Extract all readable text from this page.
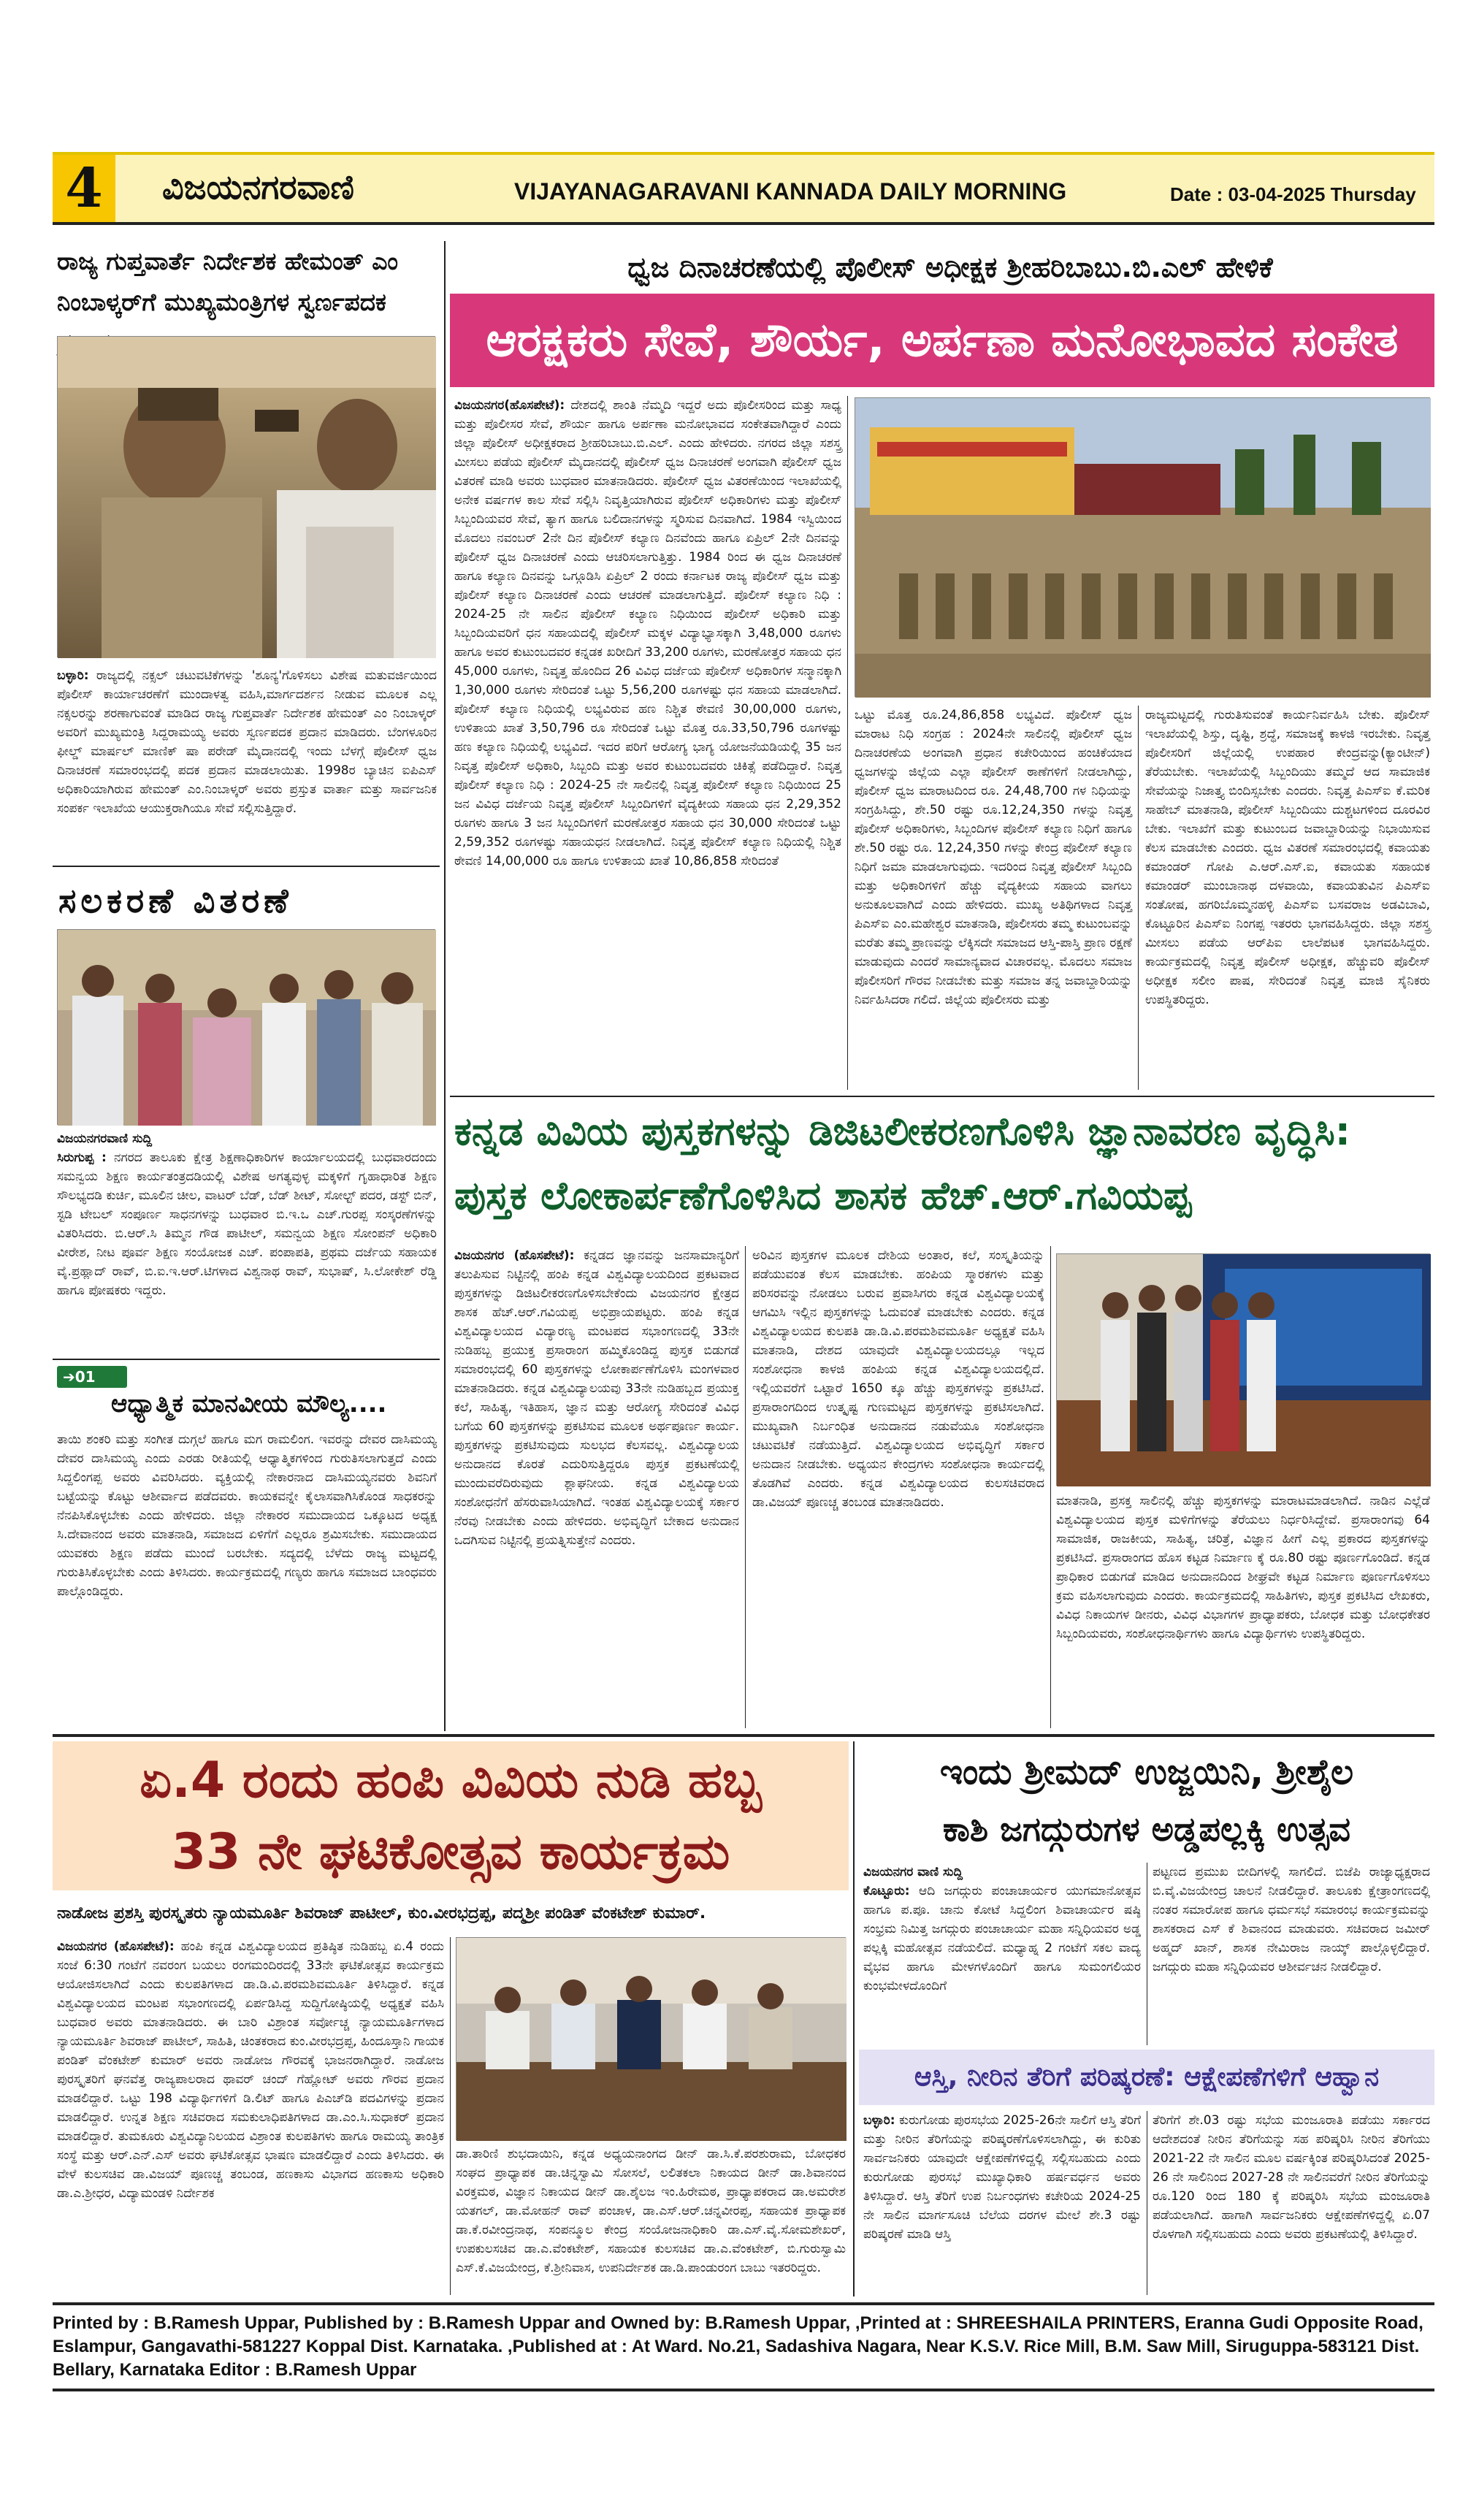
4	ವಿಜಯನಗರವಾಣಿ	VIJAYANAGARAVANI KANNADA DAILY MORNING	Date : 03-04-2025 Thursday
ರಾಜ್ಯ ಗುಪ್ತವಾರ್ತೆ ನಿರ್ದೇಶಕ ಹೇಮಂತ್ ಎಂ ನಿಂಬಾಳ್ಕರ್‌ಗೆ ಮುಖ್ಯಮಂತ್ರಿಗಳ ಸ್ವರ್ಣಪದಕ
ಬಳ್ಳಾರಿ: ರಾಜ್ಯದಲ್ಲಿ ನಕ್ಸಲ್ ಚಟುವಟಿಕೆಗಳನ್ನು 'ಶೂನ್ಯ'ಗೊಳಿಸಲು ವಿಶೇಷ ಮತುವರ್ಜಿಯಿಂದ ಪೊಲೀಸ್ ಕಾರ್ಯಾಚರಣೆಗೆ ಮುಂದಾಳತ್ವ ವಹಿಸಿ,ಮಾರ್ಗದರ್ಶನ ನೀಡುವ ಮೂಲಕ ಎಲ್ಲ ನಕ್ಸಲರನ್ನು ಶರಣಾಗುವಂತೆ ಮಾಡಿದ ರಾಜ್ಯ ಗುಪ್ತವಾರ್ತೆ ನಿರ್ದೇಶಕ ಹೇಮಂತ್ ಎಂ ನಿಂಬಾಳ್ಕರ್ ಅವರಿಗೆ ಮುಖ್ಯಮಂತ್ರಿ ಸಿದ್ದರಾಮಯ್ಯ ಅವರು ಸ್ವರ್ಣಪದಕ ಪ್ರದಾನ ಮಾಡಿದರು. ಬೆಂಗಳೂರಿನ ಫೀಲ್ಡ್ ಮಾರ್ಷಲ್ ಮಾಣಿಕ್ ಷಾ ಪರೇಡ್ ಮೈದಾನದಲ್ಲಿ ಇಂದು ಬೆಳಗ್ಗೆ ಪೊಲೀಸ್ ಧ್ವಜ ದಿನಾಚರಣೆ ಸಮಾರಂಭದಲ್ಲಿ ಪದಕ ಪ್ರದಾನ ಮಾಡಲಾಯಿತು. 1998ರ ಬ್ಯಾಚಿನ ಐಪಿಎಸ್ ಅಧಿಕಾರಿಯಾಗಿರುವ ಹೇಮಂತ್ ಎಂ.ನಿಂಬಾಳ್ಕರ್ ಅವರು ಪ್ರಸ್ತುತ ವಾರ್ತಾ ಮತ್ತು ಸಾರ್ವಜನಿಕ ಸಂಪರ್ಕ ಇಲಾಖೆಯ ಆಯುಕ್ತರಾಗಿಯೂ ಸೇವೆ ಸಲ್ಲಿಸುತ್ತಿದ್ದಾರೆ.
ಸಲಕರಣೆ ವಿತರಣೆ
ವಿಜಯನಗರವಾಣಿ ಸುದ್ದಿ
ಸಿರುಗುಪ್ಪ : ನಗರದ ತಾಲೂಕು ಕ್ಷೇತ್ರ ಶಿಕ್ಷಣಾಧಿಕಾರಿಗಳ ಕಾರ್ಯಾಲಯದಲ್ಲಿ ಬುಧವಾರದಂದು ಸಮನ್ವಯ ಶಿಕ್ಷಣ ಕಾರ್ಯತಂತ್ರದಡಿಯಲ್ಲಿ ವಿಶೇಷ ಅಗತ್ಯವುಳ್ಳ ಮಕ್ಕಳಿಗೆ ಗೃಹಾಧಾರಿತ ಶಿಕ್ಷಣ ಸೌಲಭ್ಯದಡಿ ಕುರ್ಚಿ, ಮೂಲಿನ ಚೀಲ, ವಾಟರ್ ಬೆಡ್, ಬೆಡ್ ಶೀಟ್, ಸೋಲ್ಟ್ ಪದರ, ಡಸ್ಟ್ ಬಿನ್, ಸ್ಟಡಿ ಟೇಬಲ್ ಸಂಪೂರ್ಣ ಸಾಧನಗಳನ್ನು ಬುಧವಾರ ಬಿ.ಇ.ಒ ಎಚ್.ಗುರಪ್ಪ ಸಂಸ್ಕರಣೆಗಳನ್ನು ವಿತರಿಸಿದರು. ಬಿ.ಆರ್.ಸಿ ತಿಮ್ಮನ ಗೌಡ ಪಾಟೀಲ್, ಸಮನ್ವಯ ಶಿಕ್ಷಣ ಸೋಂಪನ್ ಅಧಿಕಾರಿ ವೀರೇಶ, ನೀಟ ಪೂರ್ವ ಶಿಕ್ಷಣ ಸಂಯೋಜಕ ಎಚ್. ಪಂಪಾಪತಿ, ಪ್ರಥಮ ದರ್ಜೆಯ ಸಹಾಯಕ ವೈ.ಪ್ರಹ್ಲಾದ್ ರಾವ್, ಬಿ.ಐ.ಇ.ಆರ್.ಟಿಗಳಾದ ವಿಶ್ವನಾಥ ರಾವ್, ಸುಭಾಷ್, ಸಿ.ಲೋಕೇಶ್ ರೆಡ್ಡಿ ಹಾಗೂ ಪೋಷಕರು ಇದ್ದರು.
➔01
ಆಧ್ಯಾತ್ಮಿಕ ಮಾನವೀಯ ಮೌಲ್ಯ....
ತಾಯಿ ಶಂಕರಿ ಮತ್ತು ಸಂಗೀತ ದುಗ್ಗಲೆ ಹಾಗೂ ಮಗ ರಾಮಲಿಂಗ. ಇವರನ್ನು ದೇವರ ದಾಸಿಮಯ್ಯ ದೇವರ ದಾಸಿಮಯ್ಯ ಎಂದು ಎರಡು ರೀತಿಯಲ್ಲಿ ಆಧ್ಯಾತ್ಮಿಕಗಳಿಂದ ಗುರುತಿಸಲಾಗುತ್ತದೆ ಎಂದು ಸಿದ್ದಲಿಂಗಪ್ಪ ಅವರು ವಿವರಿಸಿದರು. ವ್ಯಕ್ತಿಯಲ್ಲಿ ನೇಕಾರನಾದ ದಾಸಿಮಯ್ಯನವರು ಶಿವನಿಗೆ ಬಟ್ಟೆಯನ್ನು ಕೊಟ್ಟು ಆಶೀರ್ವಾದ ಪಡೆದವರು. ಕಾಯಕವನ್ನೇ ಕೈಲಾಸವಾಗಿಸಿಕೊಂಡ ಸಾಧಕರನ್ನು ನೆನಪಿಸಿಕೊಳ್ಳಬೇಕು ಎಂದು ಹೇಳಿದರು. ಜಿಲ್ಲಾ ನೇಕಾರರ ಸಮುದಾಯದ ಒಕ್ಕೂಟದ ಅಧ್ಯಕ್ಷ ಸಿ.ದೇವಾನಂದ ಅವರು ಮಾತನಾಡಿ, ಸಮಾಜದ ಏಳಿಗೆಗೆ ಎಲ್ಲರೂ ಶ್ರಮಿಸಬೇಕು. ಸಮುದಾಯದ ಯುವಕರು ಶಿಕ್ಷಣ ಪಡೆದು ಮುಂದೆ ಬರಬೇಕು. ಸದ್ಯದಲ್ಲಿ ಬೆಳೆದು ರಾಜ್ಯ ಮಟ್ಟದಲ್ಲಿ ಗುರುತಿಸಿಕೊಳ್ಳಬೇಕು ಎಂದು ತಿಳಿಸಿದರು. ಕಾರ್ಯಕ್ರಮದಲ್ಲಿ ಗಣ್ಯರು ಹಾಗೂ ಸಮಾಜದ ಬಾಂಧವರು ಪಾಲ್ಗೊಂಡಿದ್ದರು.
ಧ್ವಜ ದಿನಾಚರಣೆಯಲ್ಲಿ ಪೊಲೀಸ್ ಅಧೀಕ್ಷಕ ಶ್ರೀಹರಿಬಾಬು.ಬಿ.ಎಲ್ ಹೇಳಿಕೆ
ಆರಕ್ಷಕರು ಸೇವೆ, ಶೌರ್ಯ, ಅರ್ಪಣಾ ಮನೋಭಾವದ ಸಂಕೇತ
ವಿಜಯನಗರ(ಹೊಸಪೇಟೆ): ದೇಶದಲ್ಲಿ ಶಾಂತಿ ನೆಮ್ಮದಿ ಇದ್ದರೆ ಅದು ಪೊಲೀಸರಿಂದ ಮತ್ತು ಸಾಧ್ಯ ಮತ್ತು ಪೊಲೀಸರ ಸೇವೆ, ಶೌರ್ಯ ಹಾಗೂ ಅರ್ಪಣಾ ಮನೋಭಾವದ ಸಂಕೇತವಾಗಿದ್ದಾರೆ ಎಂದು ಜಿಲ್ಲಾ ಪೊಲೀಸ್ ಅಧೀಕ್ಷಕರಾದ ಶ್ರೀಹರಿಬಾಬು.ಬಿ.ಎಲ್. ಎಂದು ಹೇಳಿದರು. ನಗರದ ಜಿಲ್ಲಾ ಸಶಸ್ತ್ರ ಮೀಸಲು ಪಡೆಯ ಪೊಲೀಸ್ ಮೈದಾನದಲ್ಲಿ ಪೊಲೀಸ್ ಧ್ವಜ ದಿನಾಚರಣೆ ಅಂಗವಾಗಿ ಪೊಲೀಸ್ ಧ್ವಜ ವಿತರಣೆ ಮಾಡಿ ಅವರು ಬುಧವಾರ ಮಾತನಾಡಿದರು. ಪೊಲೀಸ್ ಧ್ವಜ ವಿತರಣೆಯಿಂದ ಇಲಾಖೆಯಲ್ಲಿ ಅನೇಕ ವರ್ಷಗಳ ಕಾಲ ಸೇವೆ ಸಲ್ಲಿಸಿ ನಿವೃತ್ತಿಯಾಗಿರುವ ಪೊಲೀಸ್ ಅಧಿಕಾರಿಗಳು ಮತ್ತು ಪೊಲೀಸ್ ಸಿಬ್ಬಂದಿಯವರ ಸೇವೆ, ತ್ಯಾಗ ಹಾಗೂ ಬಲಿದಾನಗಳನ್ನು ಸ್ಮರಿಸುವ ದಿನವಾಗಿದೆ. 1984 ಇಸ್ವಿಯಿಂದ ಮೊದಲು ನವಂಬರ್ 2ನೇ ದಿನ ಪೊಲೀಸ್ ಕಲ್ಯಾಣ ದಿನವೆಂದು ಹಾಗೂ ಏಪ್ರಿಲ್ 2ನೇ ದಿನವನ್ನು ಪೊಲೀಸ್ ಧ್ವಜ ದಿನಾಚರಣೆ ಎಂದು ಆಚರಿಸಲಾಗುತ್ತಿತ್ತು. 1984 ರಿಂದ ಈ ಧ್ವಜ ದಿನಾಚರಣೆ ಹಾಗೂ ಕಲ್ಯಾಣ ದಿನವನ್ನು ಒಗ್ಗೂಡಿಸಿ ಏಪ್ರಿಲ್ 2 ರಂದು ಕರ್ನಾಟಕ ರಾಜ್ಯ ಪೊಲೀಸ್ ಧ್ವಜ ಮತ್ತು ಪೊಲೀಸ್ ಕಲ್ಯಾಣ ದಿನಾಚರಣೆ ಎಂದು ಆಚರಣೆ ಮಾಡಲಾಗುತ್ತಿದೆ. ಪೊಲೀಸ್ ಕಲ್ಯಾಣ ನಿಧಿ : 2024-25 ನೇ ಸಾಲಿನ ಪೊಲೀಸ್ ಕಲ್ಯಾಣ ನಿಧಿಯಿಂದ ಪೊಲೀಸ್ ಅಧಿಕಾರಿ ಮತ್ತು ಸಿಬ್ಬಂದಿಯವರಿಗೆ ಧನ ಸಹಾಯದಲ್ಲಿ ಪೊಲೀಸ್ ಮಕ್ಕಳ ವಿದ್ಯಾಭ್ಯಾಸಕ್ಕಾಗಿ 3,48,000 ರೂಗಳು ಹಾಗೂ ಅವರ ಕುಟುಂಬದವರ ಕನ್ನಡಕ ಖರೀದಿಗೆ 33,200 ರೂಗಳು, ಮರಣೋತ್ತರ ಸಹಾಯ ಧನ 45,000 ರೂಗಳು, ನಿವೃತ್ತ ಹೊಂದಿದ 26 ವಿವಿಧ ದರ್ಜೆಯ ಪೊಲೀಸ್ ಅಧಿಕಾರಿಗಳ ಸನ್ಮಾನಕ್ಕಾಗಿ 1,30,000 ರೂಗಳು ಸೇರಿದಂತೆ ಒಟ್ಟು 5,56,200 ರೂಗಳಷ್ಟು ಧನ ಸಹಾಯ ಮಾಡಲಾಗಿದೆ. ಪೊಲೀಸ್ ಕಲ್ಯಾಣ ನಿಧಿಯಲ್ಲಿ ಲಭ್ಯವಿರುವ ಹಣ ನಿಶ್ಚಿತ ಠೇವಣಿ 30,00,000 ರೂಗಳು, ಉಳಿತಾಯ ಖಾತೆ 3,50,796 ರೂ ಸೇರಿದಂತೆ ಒಟ್ಟು ಮೊತ್ತ ರೂ.33,50,796 ರೂಗಳಷ್ಟು ಹಣ ಕಲ್ಯಾಣ ನಿಧಿಯಲ್ಲಿ ಲಭ್ಯವಿದೆ. ಇದರ ಪರಿಗೆ ಆರೋಗ್ಯ ಭಾಗ್ಯ ಯೋಜನೆಯಡಿಯಲ್ಲಿ 35 ಜನ ನಿವೃತ್ತ ಪೊಲೀಸ್ ಅಧಿಕಾರಿ, ಸಿಬ್ಬಂದಿ ಮತ್ತು ಅವರ ಕುಟುಂಬದವರು ಚಿಕಿತ್ಸೆ ಪಡೆದಿದ್ದಾರೆ. ನಿವೃತ್ತ ಪೊಲೀಸ್ ಕಲ್ಯಾಣ ನಿಧಿ : 2024-25 ನೇ ಸಾಲಿನಲ್ಲಿ ನಿವೃತ್ತ ಪೊಲೀಸ್ ಕಲ್ಯಾಣ ನಿಧಿಯಿಂದ 25 ಜನ ವಿವಿಧ ದರ್ಜೆಯ ನಿವೃತ್ತ ಪೊಲೀಸ್ ಸಿಬ್ಬಂದಿಗಳಿಗೆ ವೈದ್ಯಕೀಯ ಸಹಾಯ ಧನ 2,29,352 ರೂಗಳು ಹಾಗೂ 3 ಜನ ಸಿಬ್ಬಂದಿಗಳಿಗೆ ಮರಣೋತ್ತರ ಸಹಾಯ ಧನ 30,000 ಸೇರಿದಂತೆ ಒಟ್ಟು 2,59,352 ರೂಗಳಷ್ಟು ಸಹಾಯಧನ ನೀಡಲಾಗಿದೆ. ನಿವೃತ್ತ ಪೊಲೀಸ್ ಕಲ್ಯಾಣ ನಿಧಿಯಲ್ಲಿ ನಿಶ್ಚಿತ ಠೇವಣಿ 14,00,000 ರೂ ಹಾಗೂ ಉಳಿತಾಯ ಖಾತೆ 10,86,858 ಸೇರಿದಂತೆ
ಒಟ್ಟು ಮೊತ್ತ ರೂ.24,86,858 ಲಭ್ಯವಿದೆ. ಪೊಲೀಸ್ ಧ್ವಜ ಮಾರಾಟ ನಿಧಿ ಸಂಗ್ರಹ : 2024ನೇ ಸಾಲಿನಲ್ಲಿ ಪೊಲೀಸ್ ಧ್ವಜ ದಿನಾಚರಣೆಯ ಅಂಗವಾಗಿ ಪ್ರಧಾನ ಕಚೇರಿಯಿಂದ ಹಂಚಿಕೆಯಾದ ಧ್ವಜಗಳನ್ನು ಜಿಲ್ಲೆಯ ಎಲ್ಲಾ ಪೊಲೀಸ್ ಠಾಣೆಗಳಿಗೆ ನೀಡಲಾಗಿದ್ದು, ಪೊಲೀಸ್ ಧ್ವಜ ಮಾರಾಟದಿಂದ ರೂ. 24,48,700 ಗಳ ನಿಧಿಯನ್ನು ಸಂಗ್ರಹಿಸಿದ್ದು, ಶೇ.50 ರಷ್ಟು ರೂ.12,24,350 ಗಳನ್ನು ನಿವೃತ್ತ ಪೊಲೀಸ್ ಅಧಿಕಾರಿಗಳು, ಸಿಬ್ಬಂದಿಗಳ ಪೊಲೀಸ್ ಕಲ್ಯಾಣ ನಿಧಿಗೆ ಹಾಗೂ ಶೇ.50 ರಷ್ಟು ರೂ. 12,24,350 ಗಳನ್ನು ಕೇಂದ್ರ ಪೊಲೀಸ್ ಕಲ್ಯಾಣ ನಿಧಿಗೆ ಜಮಾ ಮಾಡಲಾಗುವುದು. ಇದರಿಂದ ನಿವೃತ್ತ ಪೊಲೀಸ್ ಸಿಬ್ಬಂದಿ ಮತ್ತು ಅಧಿಕಾರಿಗಳಿಗೆ ಹೆಚ್ಚು ವೈದ್ಯಕೀಯ ಸಹಾಯ ವಾಗಲು ಅನುಕೂಲವಾಗಿದೆ ಎಂದು ಹೇಳಿದರು. ಮುಖ್ಯ ಅತಿಥಿಗಳಾದ ನಿವೃತ್ತ ಪಿಎಸ್‌ಐ ಎಂ.ಮಹೇಶ್ವರ ಮಾತನಾಡಿ, ಪೊಲೀಸರು ತಮ್ಮ ಕುಟುಂಬವನ್ನು ಮರೆತು ತಮ್ಮ ಪ್ರಾಣವನ್ನು ಲೆಕ್ಕಿಸದೇ ಸಮಾಜದ ಆಸ್ತಿ-ಪಾಸ್ತಿ ಪ್ರಾಣ ರಕ್ಷಣೆ ಮಾಡುವುದು ಎಂದರೆ ಸಾಮಾನ್ಯವಾದ ವಿಚಾರವಲ್ಲ. ಮೊದಲು ಸಮಾಜ ಪೊಲೀಸರಿಗೆ ಗೌರವ ನೀಡಬೇಕು ಮತ್ತು ಸಮಾಜ ತನ್ನ ಜವಾಬ್ದಾರಿಯನ್ನು ನಿರ್ವಹಿಸಿದರಾ ಗಲಿದೆ. ಜಿಲ್ಲೆಯ ಪೊಲೀಸರು ಮತ್ತು
ರಾಜ್ಯಮಟ್ಟದಲ್ಲಿ ಗುರುತಿಸುವಂತೆ ಕಾರ್ಯನಿರ್ವಹಿಸಿ ಬೇಕು. ಪೊಲೀಸ್ ಇಲಾಖೆಯಲ್ಲಿ ಶಿಸ್ತು, ದೃಷ್ಟಿ, ಶ್ರದ್ಧೆ, ಸಮಾಜಕ್ಕೆ ಕಾಳಜಿ ಇರಬೇಕು. ನಿವೃತ್ತ ಪೊಲೀಸರಿಗೆ ಜಿಲ್ಲೆಯಲ್ಲಿ ಉಪಹಾರ ಕೇಂದ್ರವನ್ನು(ಕ್ಯಾಂಟೀನ್) ತೆರೆಯಬೇಕು. ಇಲಾಖೆಯಲ್ಲಿ ಸಿಬ್ಬಂದಿಯು ತಮ್ಮದೆ ಆದ ಸಾಮಾಜಿಕ ಸೇವೆಯನ್ನು ನಿಜಾತ್ತ್ಯ ಬಿಂದಿಸ್ಸಬೇಕು ಎಂದರು. ನಿವೃತ್ತ ಪಿಎಸ್‌ಐ ಕೆ.ಮರಿಕ ಸಾಹೇಬ್ ಮಾತನಾಡಿ, ಪೊಲೀಸ್ ಸಿಬ್ಬಂದಿಯು ದುಶ್ಚಟಗಳಿಂದ ದೂರವಿರ ಬೇಕು. ಇಲಾಖೆಗೆ ಮತ್ತು ಕುಟುಂಬದ ಜವಾಬ್ದಾರಿಯನ್ನು ನಿಭಾಯಿಸುವ ಕೆಲಸ ಮಾಡಬೇಕು ಎಂದರು. ಧ್ವಜ ವಿತರಣೆ ಸಮಾರಂಭದಲ್ಲಿ ಕವಾಯತು ಕಮಾಂಡರ್ ಗೋಪಿ ಎ.ಆರ್.ಎಸ್.ಐ, ಕವಾಯತು ಸಹಾಯಕ ಕಮಾಂಡರ್ ಮುಂಬಾನಾಥ ದಳವಾಯಿ, ಕವಾಯತುವಿನ ಪಿಎಸ್‌ಐ ಸಂತೋಷ, ಹಗರಿಬೊಮ್ಮನಹಳ್ಳಿ ಪಿಎಸ್‌ಐ ಬಸವರಾಜ ಅಡವಿಬಾವಿ, ಕೊಟ್ಟೂರಿನ ಪಿಎಸ್‌ಐ ನಿಂಗಪ್ಪ ಇತರರು ಭಾಗವಹಿಸಿದ್ದರು. ಜಿಲ್ಲಾ ಸಶಸ್ತ್ರ ಮೀಸಲು ಪಡೆಯ ಆರ್‌ಪಿಐ ಲಾಲೆಪಟಕ ಭಾಗವಹಿಸಿದ್ದರು. ಕಾರ್ಯಕ್ರಮದಲ್ಲಿ ನಿವೃತ್ತ ಪೊಲೀಸ್ ಅಧೀಕ್ಷಕ, ಹೆಚ್ಚುವರಿ ಪೊಲೀಸ್ ಅಧೀಕ್ಷಕ ಸಲೀಂ ಪಾಷ, ಸೇರಿದಂತೆ ನಿವೃತ್ತ ಮಾಜಿ ಸೈನಿಕರು ಉಪಸ್ಥಿತರಿದ್ದರು.
ಕನ್ನಡ ವಿವಿಯ ಪುಸ್ತಕಗಳನ್ನು ಡಿಜಿಟಲೀಕರಣಗೊಳಿಸಿ ಜ್ಞಾನಾವರಣ ವೃದ್ಧಿಸಿ: ಪುಸ್ತಕ ಲೋಕಾರ್ಪಣೆಗೊಳಿಸಿದ ಶಾಸಕ ಹೆಚ್.ಆರ್.ಗವಿಯಪ್ಪ
ವಿಜಯನಗರ (ಹೊಸಪೇಟೆ): ಕನ್ನಡದ ಜ್ಞಾನವನ್ನು ಜನಸಾಮಾನ್ಯರಿಗೆ ತಲುಪಿಸುವ ನಿಟ್ಟಿನಲ್ಲಿ ಹಂಪಿ ಕನ್ನಡ ವಿಶ್ವವಿದ್ಯಾಲಯದಿಂದ ಪ್ರಕಟವಾದ ಪುಸ್ತಕಗಳನ್ನು ಡಿಜಿಟಲೀಕರಣಗೊಳಿಸಬೇಕೆಂದು ವಿಜಯನಗರ ಕ್ಷೇತ್ರದ ಶಾಸಕ ಹೆಚ್.ಆರ್.ಗವಿಯಪ್ಪ ಅಭಿಪ್ರಾಯಪಟ್ಟರು. ಹಂಪಿ ಕನ್ನಡ ವಿಶ್ವವಿದ್ಯಾಲಯದ ವಿದ್ಯಾರಣ್ಯ ಮಂಟಪದ ಸಭಾಂಗಣದಲ್ಲಿ 33ನೇ ನುಡಿಹಬ್ಬ ಪ್ರಯುಕ್ತ ಪ್ರಸಾರಾಂಗ ಹಮ್ಮಿಕೊಂಡಿದ್ದ ಪುಸ್ತಕ ಬಿಡುಗಡೆ ಸಮಾರಂಭದಲ್ಲಿ 60 ಪುಸ್ತಕಗಳನ್ನು ಲೋಕಾರ್ಪಣೆಗೊಳಿಸಿ ಮಂಗಳವಾರ ಮಾತನಾಡಿದರು. ಕನ್ನಡ ವಿಶ್ವವಿದ್ಯಾಲಯವು 33ನೇ ನುಡಿಹಬ್ಬದ ಪ್ರಯುಕ್ತ ಕಲೆ, ಸಾಹಿತ್ಯ, ಇತಿಹಾಸ, ಜ್ಞಾನ ಮತ್ತು ಆರೋಗ್ಯ ಸೇರಿದಂತೆ ವಿವಿಧ ಬಗೆಯ 60 ಪುಸ್ತಕಗಳನ್ನು ಪ್ರಕಟಿಸುವ ಮೂಲಕ ಅರ್ಥಪೂರ್ಣ ಕಾರ್ಯ. ಪುಸ್ತಕಗಳನ್ನು ಪ್ರಕಟಿಸುವುದು ಸುಲಭದ ಕೆಲಸವಲ್ಲ. ವಿಶ್ವವಿದ್ಯಾಲಯ ಅನುದಾನದ ಕೊರತೆ ಎದುರಿಸುತ್ತಿದ್ದರೂ ಪುಸ್ತಕ ಪ್ರಕಟಣೆಯಲ್ಲಿ ಮುಂದುವರೆದಿರುವುದು ಶ್ಲಾಘನೀಯ. ಕನ್ನಡ ವಿಶ್ವವಿದ್ಯಾಲಯ ಸಂಶೋಧನೆಗೆ ಹೆಸರುವಾಸಿಯಾಗಿದೆ. ಇಂತಹ ವಿಶ್ವವಿದ್ಯಾಲಯಕ್ಕೆ ಸರ್ಕಾರ ನೆರವು ನೀಡಬೇಕು ಎಂದು ಹೇಳಿದರು. ಅಭಿವೃದ್ಧಿಗೆ ಬೇಕಾದ ಅನುದಾನ ಒದಗಿಸುವ ನಿಟ್ಟಿನಲ್ಲಿ ಪ್ರಯತ್ನಿಸುತ್ತೇನೆ ಎಂದರು.
ಅರಿವಿನ ಪುಸ್ತಕಗಳ ಮೂಲಕ ದೇಶಿಯ ಅಂತಾರ, ಕಲೆ, ಸಂಸ್ಕೃತಿಯನ್ನು ಪಡೆಯುವಂತ ಕೆಲಸ ಮಾಡಬೇಕು. ಹಂಪಿಯ ಸ್ಮಾರಕಗಳು ಮತ್ತು ಪರಿಸರವನ್ನು ನೋಡಲು ಬರುವ ಪ್ರವಾಸಿಗರು ಕನ್ನಡ ವಿಶ್ವವಿದ್ಯಾಲಯಕ್ಕೆ ಆಗಮಿಸಿ ಇಲ್ಲಿನ ಪುಸ್ತಕಗಳನ್ನು ಓದುವಂತೆ ಮಾಡಬೇಕು ಎಂದರು. ಕನ್ನಡ ವಿಶ್ವವಿದ್ಯಾಲಯದ ಕುಲಪತಿ ಡಾ.ಡಿ.ವಿ.ಪರಮಶಿವಮೂರ್ತಿ ಅಧ್ಯಕ್ಷತೆ ವಹಿಸಿ ಮಾತನಾಡಿ, ದೇಶದ ಯಾವುದೇ ವಿಶ್ವವಿದ್ಯಾಲಯದಲ್ಲೂ ಇಲ್ಲದ ಸಂಶೋಧನಾ ಕಾಳಜಿ ಹಂಪಿಯ ಕನ್ನಡ ವಿಶ್ವವಿದ್ಯಾಲಯದಲ್ಲಿದೆ. ಇಲ್ಲಿಯವರೆಗೆ ಒಟ್ಟಾರೆ 1650 ಕ್ಕೂ ಹೆಚ್ಚು ಪುಸ್ತಕಗಳನ್ನು ಪ್ರಕಟಿಸಿದೆ. ಪ್ರಸಾರಾಂಗದಿಂದ ಉತ್ಕೃಷ್ಟ ಗುಣಮಟ್ಟದ ಪುಸ್ತಕಗಳನ್ನು ಪ್ರಕಟಿಸಲಾಗಿದೆ. ಮುಖ್ಯವಾಗಿ ನಿರ್ಬಂಧಿತ ಅನುದಾನದ ನಡುವೆಯೂ ಸಂಶೋಧನಾ ಚಟುವಟಿಕೆ ನಡೆಯುತ್ತಿದೆ. ವಿಶ್ವವಿದ್ಯಾಲಯದ ಅಭಿವೃದ್ಧಿಗೆ ಸರ್ಕಾರ ಅನುದಾನ ನೀಡಬೇಕು. ಅಧ್ಯಯನ ಕೇಂದ್ರಗಳು ಸಂಶೋಧನಾ ಕಾರ್ಯದಲ್ಲಿ ತೊಡಗಿವೆ ಎಂದರು. ಕನ್ನಡ ವಿಶ್ವವಿದ್ಯಾಲಯದ ಕುಲಸಚಿವರಾದ ಡಾ.ವಿಜಯ್ ಪೂಣಚ್ಚ ತಂಬಂಡ ಮಾತನಾಡಿದರು.	ಮಾತನಾಡಿ, ಪ್ರಸಕ್ತ ಸಾಲಿನಲ್ಲಿ ಹೆಚ್ಚು ಪುಸ್ತಕಗಳನ್ನು ಮಾರಾಟಮಾಡಲಾಗಿದೆ. ನಾಡಿನ ಎಲ್ಲೆಡೆ ವಿಶ್ವವಿದ್ಯಾಲಯದ ಪುಸ್ತಕ ಮಳಿಗೆಗಳನ್ನು ತೆರೆಯಲು ನಿರ್ಧರಿಸಿದ್ದೇವೆ. ಪ್ರಸಾರಾಂಗವು 64 ಸಾಮಾಜಿಕ, ರಾಜಕೀಯ, ಸಾಹಿತ್ಯ, ಚರಿತ್ರೆ, ವಿಜ್ಞಾನ ಹೀಗೆ ಎಲ್ಲ ಪ್ರಕಾರದ ಪುಸ್ತಕಗಳನ್ನು ಪ್ರಕಟಿಸಿದೆ. ಪ್ರಸಾರಾಂಗದ ಹೊಸ ಕಟ್ಟಡ ನಿರ್ಮಾಣ ಕ್ಕೆ ರೂ.80 ರಷ್ಟು ಪೂರ್ಣಗೊಂಡಿದೆ. ಕನ್ನಡ ಪ್ರಾಧಿಕಾರ ಬಿಡುಗಡೆ ಮಾಡಿದ ಅನುದಾನದಿಂದ ಶೀಘ್ರವೇ ಕಟ್ಟಡ ನಿರ್ಮಾಣ ಪೂರ್ಣಗೊಳಿಸಲು ಕ್ರಮ ವಹಿಸಲಾಗುವುದು ಎಂದರು. ಕಾರ್ಯಕ್ರಮದಲ್ಲಿ ಸಾಹಿತಿಗಳು, ಪುಸ್ತಕ ಪ್ರಕಟಿಸಿದ ಲೇಖಕರು, ವಿವಿಧ ನಿಕಾಯಗಳ ಡೀನರು, ವಿವಿಧ ವಿಭಾಗಗಳ ಪ್ರಾಧ್ಯಾಪಕರು, ಬೋಧಕ ಮತ್ತು ಬೋಧಕೇತರ ಸಿಬ್ಬಂದಿಯವರು, ಸಂಶೋಧನಾರ್ಥಿಗಳು ಹಾಗೂ ವಿದ್ಯಾರ್ಥಿಗಳು ಉಪಸ್ಥಿತರಿದ್ದರು.
ಏ.4 ರಂದು ಹಂಪಿ ವಿವಿಯ ನುಡಿ ಹಬ್ಬ
33 ನೇ ಘಟಿಕೋತ್ಸವ ಕಾರ್ಯಕ್ರಮ
ನಾಡೋಜ ಪ್ರಶಸ್ತಿ ಪುರಸ್ಕೃತರು ನ್ಯಾಯಮೂರ್ತಿ ಶಿವರಾಜ್ ಪಾಟೀಲ್, ಕುಂ.ವೀರಭದ್ರಪ್ಪ, ಪದ್ಮಶ್ರೀ ಪಂಡಿತ್ ವೆಂಕಟೇಶ್ ಕುಮಾರ್.
ವಿಜಯನಗರ (ಹೊಸಪೇಟೆ): ಹಂಪಿ ಕನ್ನಡ ವಿಶ್ವವಿದ್ಯಾಲಯದ ಪ್ರತಿಷ್ಠಿತ ನುಡಿಹಬ್ಬ ಏ.4 ರಂದು ಸಂಜೆ 6:30 ಗಂಟೆಗೆ ನವರಂಗ ಬಯಲು ರಂಗಮಂದಿರದಲ್ಲಿ 33ನೇ ಘಟಿಕೋತ್ಸವ ಕಾರ್ಯಕ್ರಮ ಆಯೋಜಿಸಲಾಗಿದೆ ಎಂದು ಕುಲಪತಿಗಳಾದ ಡಾ.ಡಿ.ವಿ.ಪರಮಶಿವಮೂರ್ತಿ ತಿಳಿಸಿದ್ದಾರೆ. ಕನ್ನಡ ವಿಶ್ವವಿದ್ಯಾಲಯದ ಮಂಟಪ ಸಭಾಂಗಣದಲ್ಲಿ ಏರ್ಪಡಿಸಿದ್ದ ಸುದ್ದಿಗೋಷ್ಠಿಯಲ್ಲಿ ಅಧ್ಯಕ್ಷತೆ ವಹಿಸಿ ಬುಧವಾರ ಅವರು ಮಾತನಾಡಿದರು. ಈ ಬಾರಿ ವಿಶ್ರಾಂತ ಸರ್ವೋಚ್ಚ ನ್ಯಾಯಮೂರ್ತಿಗಳಾದ ನ್ಯಾಯಮೂರ್ತಿ ಶಿವರಾಜ್ ಪಾಟೀಲ್, ಸಾಹಿತಿ, ಚಿಂತಕರಾದ ಕುಂ.ವೀರಭದ್ರಪ್ಪ, ಹಿಂದೂಸ್ತಾನಿ ಗಾಯಕ ಪಂಡಿತ್ ವೆಂಕಟೇಶ್ ಕುಮಾರ್ ಅವರು ನಾಡೋಜ ಗೌರವಕ್ಕೆ ಭಾಜನರಾಗಿದ್ದಾರೆ. ನಾಡೋಜ ಪುರಸ್ಕೃತರಿಗೆ ಘನವೆತ್ತ ರಾಜ್ಯಪಾಲರಾದ ಥಾವರ್ ಚಂದ್ ಗೆಹ್ಲೋಟ್ ಅವರು ಗೌರವ ಪ್ರದಾನ ಮಾಡಲಿದ್ದಾರೆ. ಒಟ್ಟು 198 ವಿದ್ಯಾರ್ಥಿಗಳಿಗೆ ಡಿ.ಲಿಟ್ ಹಾಗೂ ಪಿಎಚ್‌ಡಿ ಪದವಿಗಳನ್ನು ಪ್ರದಾನ ಮಾಡಲಿದ್ದಾರೆ. ಉನ್ನತ ಶಿಕ್ಷಣ ಸಚಿವರಾದ ಸಮಕುಲಾಧಿಪತಿಗಳಾದ ಡಾ.ಎಂ.ಸಿ.ಸುಧಾಕರ್ ಪ್ರದಾನ ಮಾಡಲಿದ್ದಾರೆ. ತುಮಕೂರು ವಿಶ್ವವಿದ್ಯಾನಿಲಯದ ವಿಶ್ರಾಂತ ಕುಲಪತಿಗಳು ಹಾಗೂ ರಾಮಯ್ಯ ತಾಂತ್ರಿಕ ಸಂಸ್ಥೆ ಮತ್ತು ಆರ್.ಎನ್.ಎಸ್ ಅವರು ಘಟಿಕೋತ್ಸವ ಭಾಷಣ ಮಾಡಲಿದ್ದಾರೆ ಎಂದು ತಿಳಿಸಿದರು. ಈ ವೇಳೆ ಕುಲಸಚಿವ ಡಾ.ವಿಜಯ್ ಪೂಣಚ್ಚ ತಂಬಂಡ, ಹಣಕಾಸು ವಿಭಾಗದ ಹಣಕಾಸು ಅಧಿಕಾರಿ ಡಾ.ಎ.ಶ್ರೀಧರ, ವಿದ್ಯಾಮಂಡಳಿ ನಿರ್ದೇಶಕ
ಡಾ.ತಾರಿಣಿ ಶುಭದಾಯಿನಿ, ಕನ್ನಡ ಅಧ್ಯಯನಾಂಗದ ಡೀನ್ ಡಾ.ಸಿ.ಕೆ.ಪರಶುರಾಮ, ಬೋಧಕರ ಸಂಘದ ಪ್ರಾಧ್ಯಾಪಕ ಡಾ.ಚಿನ್ನಸ್ವಾಮಿ ಸೋಸಲೆ, ಲಲಿತಕಲಾ ನಿಕಾಯದ ಡೀನ್ ಡಾ.ಶಿವಾನಂದ ವಿರಕ್ತಮಠ, ವಿಜ್ಞಾನ ನಿಕಾಯದ ಡೀನ್ ಡಾ.ಶೈಲಜ ಇಂ.ಹಿರೇಮಠ, ಪ್ರಾಧ್ಯಾಪಕರಾದ ಡಾ.ಅಮರೇಶ ಯತಗಲ್, ಡಾ.ಮೋಹನ್ ರಾವ್ ಪಂಚಾಳ, ಡಾ.ಎಸ್.ಆರ್.ಚನ್ನವೀರಪ್ಪ, ಸಹಾಯಕ ಪ್ರಾಧ್ಯಾಪಕ ಡಾ.ಕೆ.ರವೀಂದ್ರನಾಥ, ಸಂಪನ್ಮೂಲ ಕೇಂದ್ರ ಸಂಯೋಜನಾಧಿಕಾರಿ ಡಾ.ಎಸ್.ವೈ.ಸೋಮಶೇಖರ್, ಉಪಕುಲಸಚಿವ ಡಾ.ಎ.ವೆಂಕಟೇಶ್, ಸಹಾಯಕ ಕುಲಸಚಿವ ಡಾ.ಎ.ವೆಂಕಟೇಶ್, ಬಿ.ಗುರುಸ್ವಾಮಿ ಎಸ್.ಕೆ.ವಿಜಯೇಂದ್ರ, ಕೆ.ಶ್ರೀನಿವಾಸ, ಉಪನಿರ್ದೇಶಕ ಡಾ.ಡಿ.ಪಾಂಡುರಂಗ ಬಾಬು ಇತರರಿದ್ದರು.
ಇಂದು ಶ್ರೀಮದ್ ಉಜ್ಜಯಿನಿ, ಶ್ರೀಶೈಲ
ಕಾಶಿ ಜಗದ್ಗುರುಗಳ ಅಡ್ಡಪಲ್ಲಕ್ಕಿ ಉತ್ಸವ
ವಿಜಯನಗರ ವಾಣಿ ಸುದ್ದಿ
ಕೊಟ್ಟೂರು: ಆದಿ ಜಗದ್ಗುರು ಪಂಚಾಚಾರ್ಯರ ಯುಗಮಾನೋತ್ಸವ ಹಾಗೂ ಪ.ಪೂ. ಚಾನು ಕೋಟೆ ಸಿದ್ದಲಿಂಗ ಶಿವಾಚಾರ್ಯರ ಷಷ್ಠಿ ಸಂಭ್ರಮ ನಿಮಿತ್ತ ಜಗದ್ಗುರು ಪಂಚಾಚಾರ್ಯ ಮಹಾ ಸನ್ನಿಧಿಯವರ ಅಡ್ಡ ಪಲ್ಲಕ್ಕಿ ಮಹೋತ್ಸವ ನಡೆಯಲಿದೆ. ಮಧ್ಯಾಹ್ನ 2 ಗಂಟೆಗೆ ಸಕಲ ವಾದ್ಯ ವೈಭವ ಹಾಗೂ ಮೇಳಗಳೊಂದಿಗೆ ಹಾಗೂ ಸುಮಂಗಲಿಯರ ಕುಂಭಮೇಳದೊಂದಿಗೆ
ಪಟ್ಟಣದ ಪ್ರಮುಖ ಬೀದಿಗಳಲ್ಲಿ ಸಾಗಲಿದೆ. ಬಿಜೆಪಿ ರಾಜ್ಯಾಧ್ಯಕ್ಷರಾದ ಬಿ.ವೈ.ವಿಜಯೇಂದ್ರ ಚಾಲನೆ ನೀಡಲಿದ್ದಾರೆ. ತಾಲೂಕು ಕ್ಷೇತ್ರಾಂಗಣದಲ್ಲಿ ನಂತರ ಸಮಾರೋಪ ಹಾಗೂ ಧರ್ಮಸಭೆ ಸಮಾರಂಭ ಕಾರ್ಯಕ್ರಮವನ್ನು ಶಾಸಕರಾದ ಎಸ್ ಕೆ ಶಿವಾನಂದ ಮಾಡುವರು. ಸಚಿವರಾದ ಜಮೀರ್ ಅಹ್ಮದ್ ಖಾನ್, ಶಾಸಕ ನೇಮಿರಾಜ ನಾಯ್ಕ್ ಪಾಲ್ಗೊಳ್ಳಲಿದ್ದಾರೆ. ಜಗದ್ಗುರು ಮಹಾ ಸನ್ನಿಧಿಯವರ ಆಶೀರ್ವಚನ ನೀಡಲಿದ್ದಾರೆ.
ಆಸ್ತಿ, ನೀರಿನ ತೆರಿಗೆ ಪರಿಷ್ಕರಣೆ: ಆಕ್ಷೇಪಣೆಗಳಿಗೆ ಆಹ್ವಾನ
ಬಳ್ಳಾರಿ: ಕುರುಗೋಡು ಪುರಸಭೆಯ 2025-26ನೇ ಸಾಲಿಗೆ ಆಸ್ತಿ ತೆರಿಗೆ ಮತ್ತು ನೀರಿನ ತೆರಿಗೆಯನ್ನು ಪರಿಷ್ಕರಣೆಗೊಳಿಸಲಾಗಿದ್ದು, ಈ ಕುರಿತು ಸಾರ್ವಜನಿಕರು ಯಾವುದೇ ಆಕ್ಷೇಪಣೆಗಳಿದ್ದಲ್ಲಿ ಸಲ್ಲಿಸಬಹುದು ಎಂದು ಕುರುಗೋಡು ಪುರಸಭೆ ಮುಖ್ಯಾಧಿಕಾರಿ ಹರ್ಷವರ್ಧನ ಅವರು ತಿಳಿಸಿದ್ದಾರೆ. ಆಸ್ತಿ ತೆರಿಗೆ ಉಪ ನಿರ್ಬಂಧಗಳು ಕಚೇರಿಯ 2024-25 ನೇ ಸಾಲಿನ ಮಾರ್ಗಸೂಚಿ ಬೆಲೆಯ ದರಗಳ ಮೇಲೆ ಶೇ.3 ರಷ್ಟು ಪರಿಷ್ಕರಣೆ ಮಾಡಿ ಆಸ್ತಿ
ತೆರಿಗೆಗೆ ಶೇ.03 ರಷ್ಟು ಸಭೆಯ ಮಂಜೂರಾತಿ ಪಡೆಯು ಸರ್ಕಾರದ ಆದೇಶದಂತೆ ನೀರಿನ ತೆರಿಗೆಯನ್ನು ಸಹ ಪರಿಷ್ಕರಿಸಿ ನೀರಿನ ತೆರಿಗೆಯು 2021-22 ನೇ ಸಾಲಿನ ಮೂಲ ವರ್ಷಕ್ಕಿಂತ ಪರಿಷ್ಕರಿಸಿದಂತೆ 2025-26 ನೇ ಸಾಲಿನಿಂದ 2027-28 ನೇ ಸಾಲಿನವರೆಗೆ ನೀರಿನ ತೆರಿಗೆಯನ್ನು ರೂ.120 ರಿಂದ 180 ಕ್ಕೆ ಪರಿಷ್ಕರಿಸಿ ಸಭೆಯ ಮಂಜೂರಾತಿ ಪಡೆಯಲಾಗಿದೆ. ಹಾಗಾಗಿ ಸಾರ್ವಜನಿಕರು ಆಕ್ಷೇಪಣೆಗಳಿದ್ದಲ್ಲಿ ಏ.07 ರೊಳಗಾಗಿ ಸಲ್ಲಿಸಬಹುದು ಎಂದು ಅವರು ಪ್ರಕಟಣೆಯಲ್ಲಿ ತಿಳಿಸಿದ್ದಾರೆ.
Printed by : B.Ramesh Uppar, Published by : B.Ramesh Uppar and Owned by: B.Ramesh Uppar, ,Printed at : SHREESHAILA PRINTERS, Eranna Gudi Opposite Road,
Eslampur, Gangavathi-581227 Koppal Dist. Karnataka. ,Published at : At Ward. No.21, Sadashiva Nagara, Near K.S.V. Rice Mill, B.M. Saw Mill, Siruguppa-583121 Dist.
Bellary, Karnataka Editor : B.Ramesh Uppar
